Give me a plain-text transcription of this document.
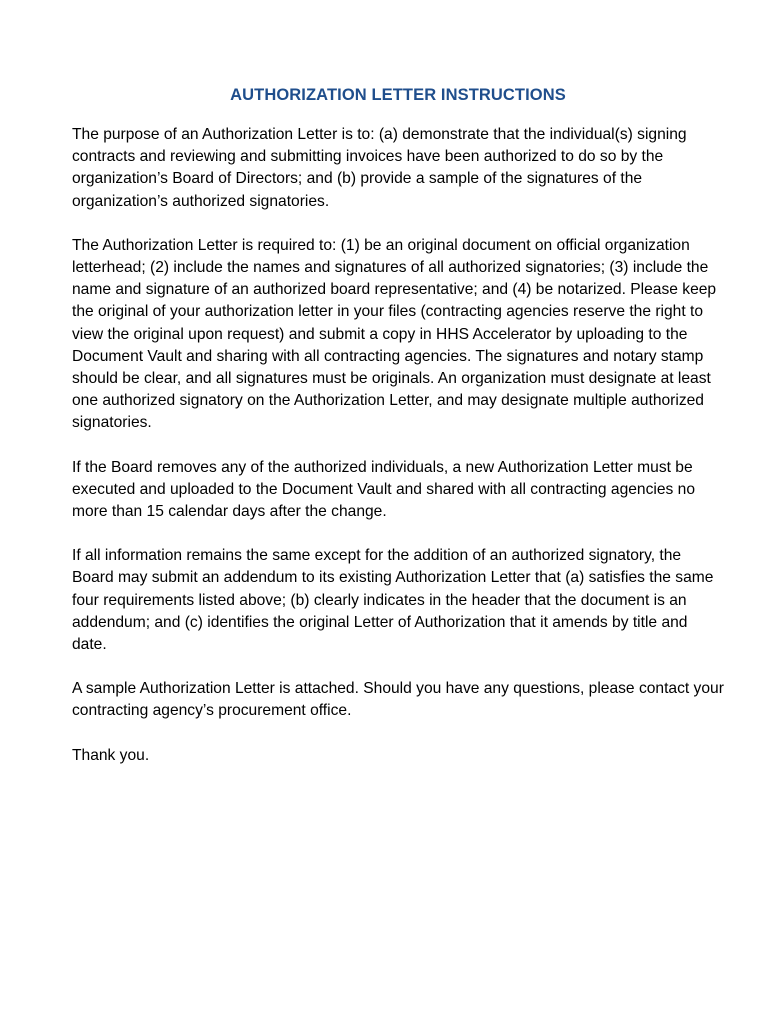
AUTHORIZATION LETTER INSTRUCTIONS

The purpose of an Authorization Letter is to: (a) demonstrate that the individual(s) signing contracts and reviewing and submitting invoices have been authorized to do so by the organization’s Board of Directors; and (b) provide a sample of the signatures of the organization’s authorized signatories.

The Authorization Letter is required to: (1) be an original document on official organization letterhead; (2) include the names and signatures of all authorized signatories; (3) include the name and signature of an authorized board representative; and (4) be notarized. Please keep the original of your authorization letter in your files (contracting agencies reserve the right to view the original upon request) and submit a copy in HHS Accelerator by uploading to the Document Vault and sharing with all contracting agencies. The signatures and notary stamp should be clear, and all signatures must be originals. An organization must designate at least one authorized signatory on the Authorization Letter, and may designate multiple authorized signatories.

If the Board removes any of the authorized individuals, a new Authorization Letter must be executed and uploaded to the Document Vault and shared with all contracting agencies no more than 15 calendar days after the change.

If all information remains the same except for the addition of an authorized signatory, the Board may submit an addendum to its existing Authorization Letter that (a) satisfies the same four requirements listed above; (b) clearly indicates in the header that the document is an addendum; and (c) identifies the original Letter of Authorization that it amends by title and date.

A sample Authorization Letter is attached. Should you have any questions, please contact your contracting agency’s procurement office.

Thank you.
